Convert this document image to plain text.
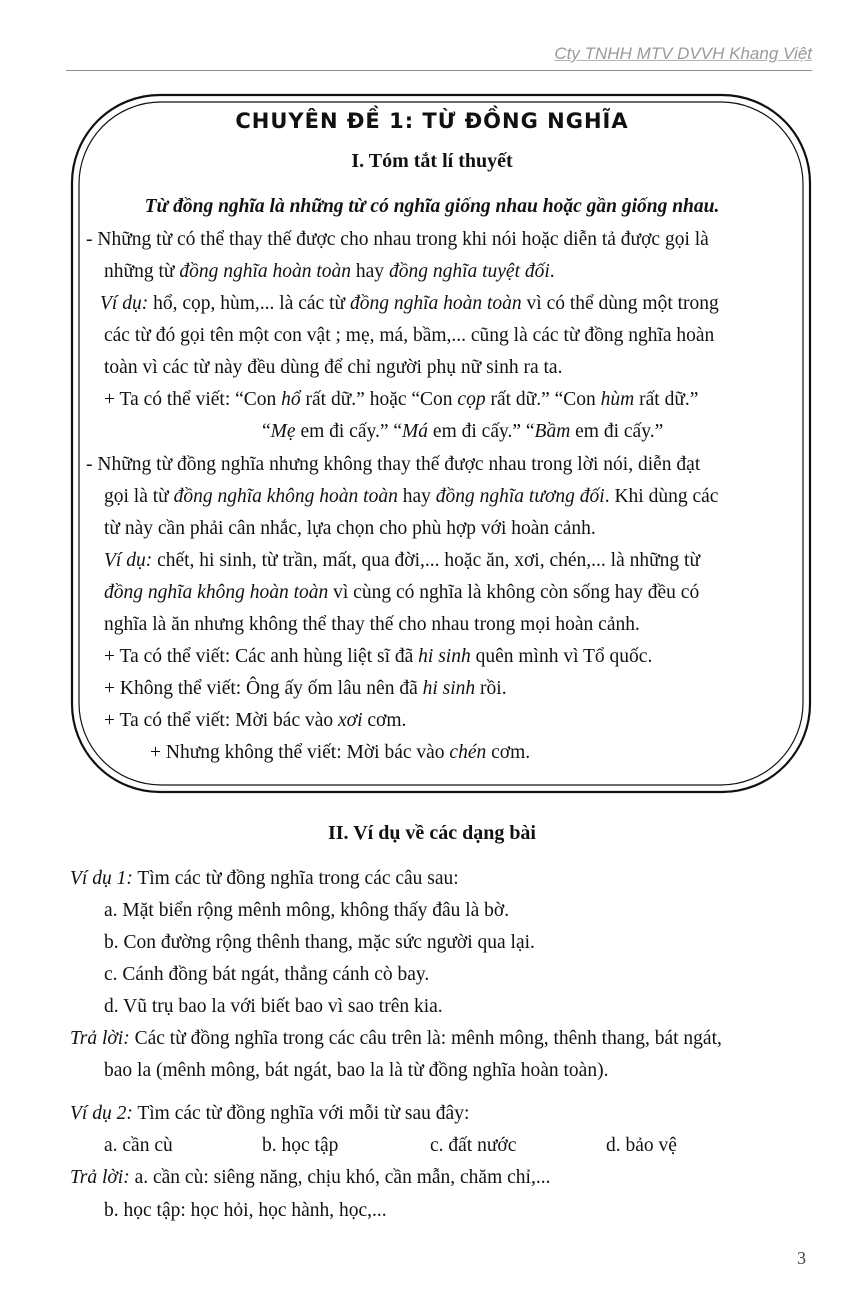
Cty TNHH MTV DVVH Khang Việt
CHUYÊN ĐỀ 1: TỪ ĐỒNG NGHĨA
I. Tóm tắt lí thuyết
Từ đồng nghĩa là những từ có nghĩa giống nhau hoặc gần giống nhau.
- Những từ có thể thay thế được cho nhau trong khi nói hoặc diễn tả được gọi là
những từ đồng nghĩa hoàn toàn hay đồng nghĩa tuyệt đối.
Ví dụ: hổ, cọp, hùm,... là các từ đồng nghĩa hoàn toàn vì có thể dùng một trong
các từ đó gọi tên một con vật ; mẹ, má, bầm,... cũng là các từ đồng nghĩa hoàn
toàn vì các từ này đều dùng để chỉ người phụ nữ sinh ra ta.
+ Ta có thể viết: “Con hổ rất dữ.” hoặc “Con cọp rất dữ.” “Con hùm rất dữ.”
“Mẹ em đi cấy.” “Má em đi cấy.” “Bầm em đi cấy.”
- Những từ đồng nghĩa nhưng không thay thế được nhau trong lời nói, diễn đạt
gọi là từ đồng nghĩa không hoàn toàn hay đồng nghĩa tương đối. Khi dùng các
từ này cần phải cân nhắc, lựa chọn cho phù hợp với hoàn cảnh.
Ví dụ: chết, hi sinh, từ trần, mất, qua đời,... hoặc ăn, xơi, chén,... là những từ
đồng nghĩa không hoàn toàn vì cùng có nghĩa là không còn sống hay đều có
nghĩa là ăn nhưng không thể thay thế cho nhau trong mọi hoàn cảnh.
+ Ta có thể viết: Các anh hùng liệt sĩ đã hi sinh quên mình vì Tổ quốc.
+ Không thể viết: Ông ấy ốm lâu nên đã hi sinh rồi.
+ Ta có thể viết: Mời bác vào xơi cơm.
+ Nhưng không thể viết: Mời bác vào chén cơm.
II. Ví dụ về các dạng bài
Ví dụ 1: Tìm các từ đồng nghĩa trong các câu sau:
a. Mặt biển rộng mênh mông, không thấy đâu là bờ.
b. Con đường rộng thênh thang, mặc sức người qua lại.
c. Cánh đồng bát ngát, thẳng cánh cò bay.
d. Vũ trụ bao la với biết bao vì sao trên kia.
Trả lời: Các từ đồng nghĩa trong các câu trên là: mênh mông, thênh thang, bát ngát,
bao la (mênh mông, bát ngát, bao la là từ đồng nghĩa hoàn toàn).
Ví dụ 2: Tìm các từ đồng nghĩa với mỗi từ sau đây:
a. cần cù	b. học tập	c. đất nước	d. bảo vệ
Trả lời: a. cần cù: siêng năng, chịu khó, cần mẫn, chăm chỉ,...
b. học tập: học hỏi, học hành, học,...
3
